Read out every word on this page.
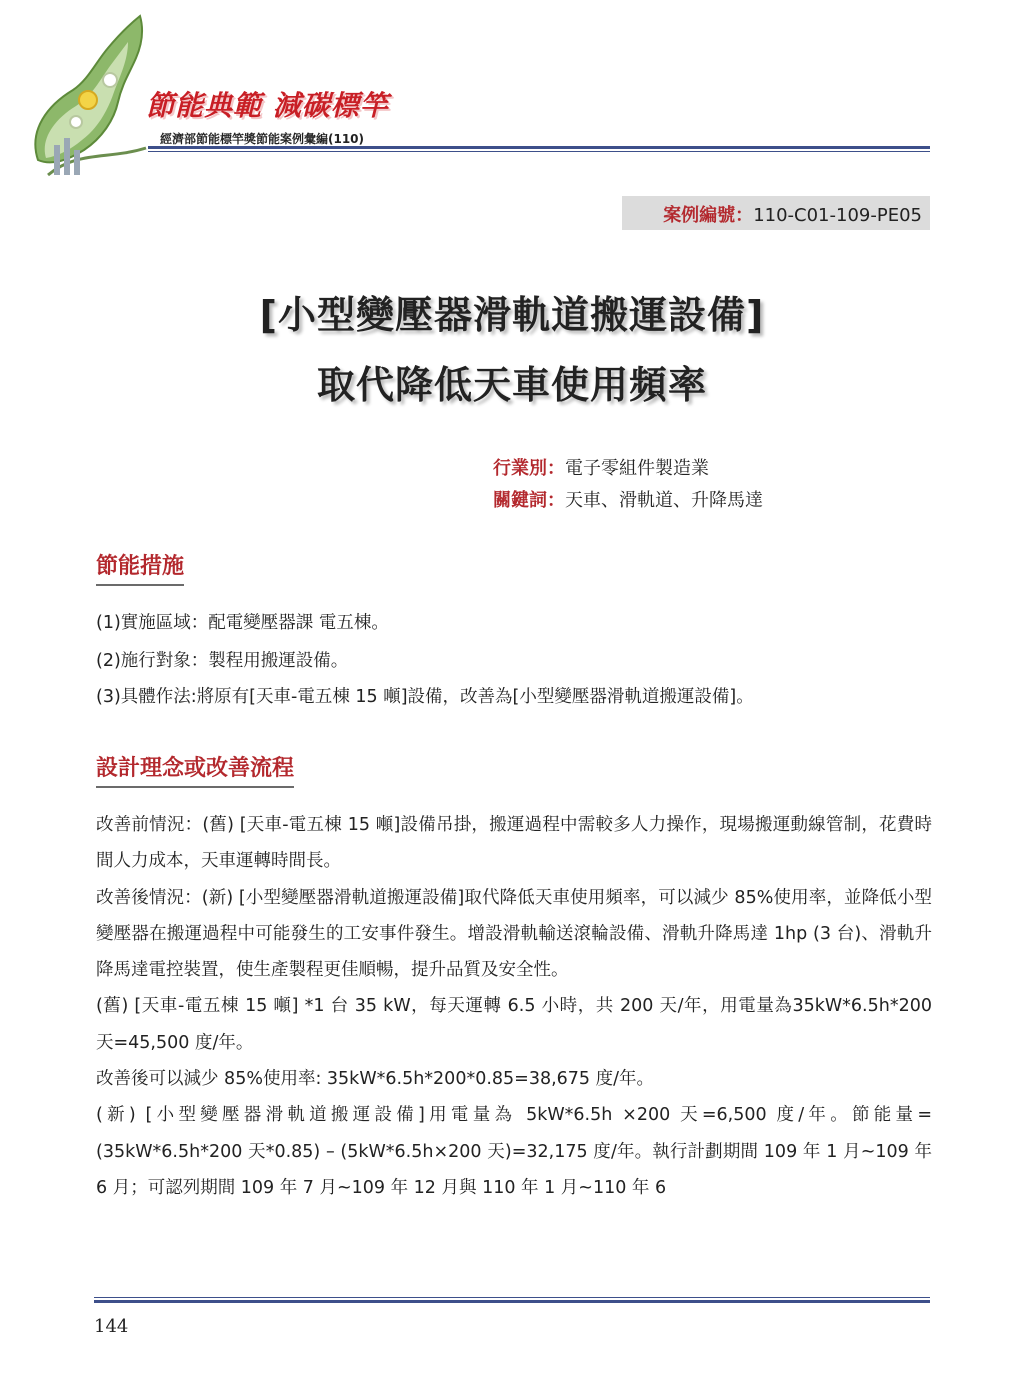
節能典範 減碳標竿
經濟部節能標竿獎節能案例彙編(110)
案例編號：110-C01-109-PE05
[小型變壓器滑軌道搬運設備]
取代降低天車使用頻率
行業別：電子零組件製造業
關鍵詞：天車、滑軌道、升降馬達
節能措施
(1)實施區域：配電變壓器課 電五棟。
(2)施行對象：製程用搬運設備。
(3)具體作法:將原有[天車-電五棟 15 噸]設備，改善為[小型變壓器滑軌道搬運設備]。
設計理念或改善流程

改善前情況：(舊) [天車-電五棟 15 噸]設備吊掛，搬運過程中需較多人力操作，現場搬運動線管制，花費時間人力成本，天車運轉時間長。

改善後情況：(新) [小型變壓器滑軌道搬運設備]取代降低天車使用頻率，可以減少 85%使用率，並降低小型變壓器在搬運過程中可能發生的工安事件發生。增設滑軌輸送滾輪設備、滑軌升降馬達 1hp (3 台)、滑軌升降馬達電控裝置，使生產製程更佳順暢，提升品質及安全性。

(舊) [天車-電五棟 15 噸] *1 台 35 kW，每天運轉 6.5 小時，共 200 天/年，用電量為35kW*6.5h*200 天=45,500 度/年。

改善後可以減少 85%使用率: 35kW*6.5h*200*0.85=38,675 度/年。

(新) [小型變壓器滑軌道搬運設備]用電量為 5kW*6.5h ×200 天=6,500 度/年。節能量=(35kW*6.5h*200 天*0.85) – (5kW*6.5h×200 天)=32,175 度/年。執行計劃期間 109 年 1 月~109 年 6 月；可認列期間 109 年 7 月~109 年 12 月與 110 年 1 月~110 年 6

144
